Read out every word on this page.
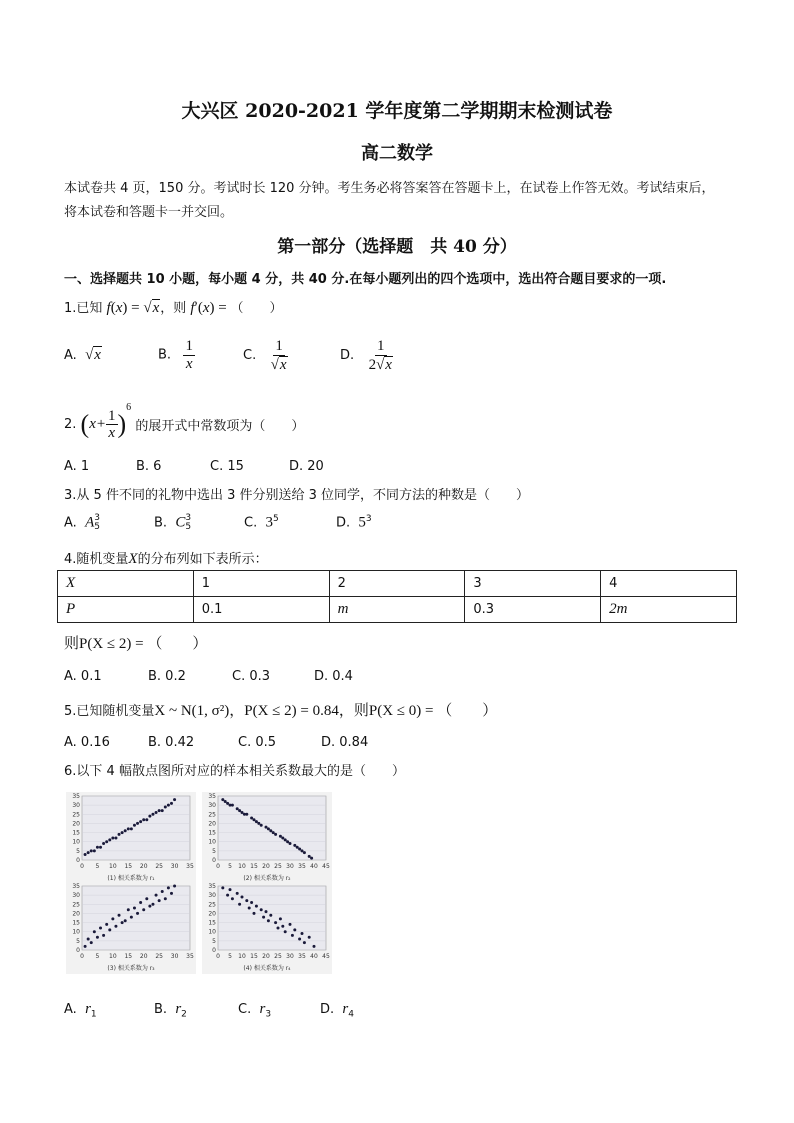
大兴区 2020-2021 学年度第二学期期末检测试卷
高二数学
本试卷共 4 页，150 分。考试时长 120 分钟。考生务必将答案答在答题卡上，在试卷上作答无效。考试结束后，
将本试卷和答题卡一并交回。
第一部分（选择题　共 40 分）
一、选择题共 10 小题，每小题 4 分，共 40 分.在每小题列出的四个选项中，选出符合题目要求的一项.
1.已知 f(x) = √x，则 f′(x) = （　　）
A. √x	B. $\frac{1}{x}$	C. $\frac{1}{√x}$	D. $\frac{1}{2√x}$
2. $(x+ \frac{1}{x} )^6$ 的展开式中常数项为（　　）
A. 1	B. 6	C. 15	D. 20
3.从 5 件不同的礼物中选出 3 件分别送给 3 位同学，不同方法的种数是（　　）
A. A 3
5	B. C 3
5	C. $3^5$	D. $5^3$
4.随机变量X的分布列如下表所示：
X	1	2	3	4
P	0.1	m	0.3	2m
则P(X ≤ 2) = （　　）
A. 0.1	B. 0.2	C. 0.3	D. 0.4
5.已知随机变量X ~ N(1, σ²)，P(X ≤ 2) = 0.84，则P(X ≤ 0) = （　　）
A. 0.16	B. 0.42	C. 0.5	D. 0.84
6.以下 4 幅散点图所对应的样本相关系数最大的是（　　）
0
5
10
15
20
25
30
35
0 5 10 15 20 25 30 35
(1) 相关系数为 r₁
0
5
10
15
20
25
30
35
0 5 10 15 20 25 30 35 40 45
(2) 相关系数为 r₂
0
5
10
15
20
25
30
35
0 5 10 15 20 25 30 35
(3) 相关系数为 r₃
0
5
10
15
20
25
30
35
0 5 10 15 20 25 30 35 40 45
(4) 相关系数为 r₄
A. $r_1$	B. $r_2$	C. $r_3$	D. $r_4$
